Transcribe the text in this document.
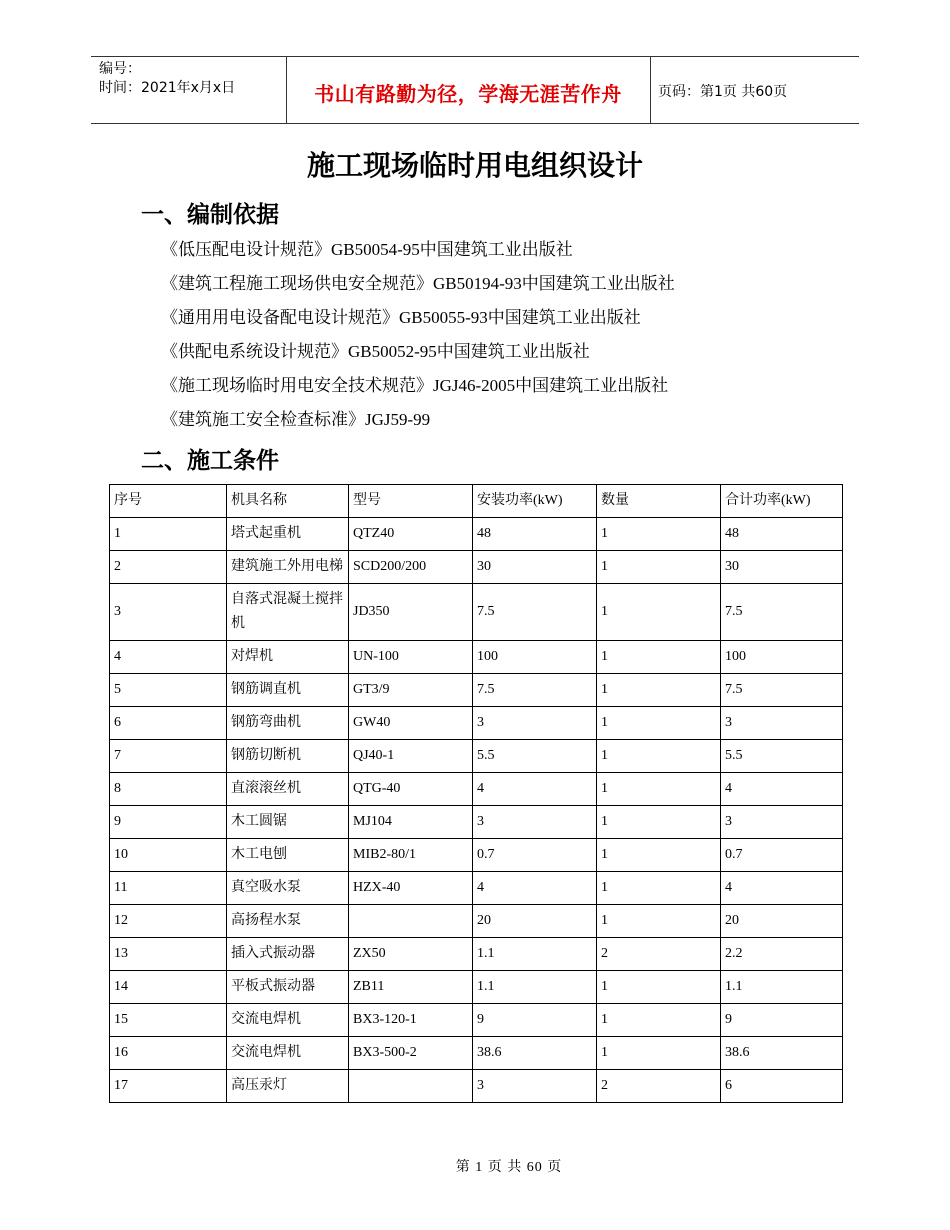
编号：
时间：2021年x月x日	书山有路勤为径，学海无涯苦作舟	页码：第1页 共60页
施工现场临时用电组织设计
一、编制依据
《低压配电设计规范》GB50054-95中国建筑工业出版社
《建筑工程施工现场供电安全规范》GB50194-93中国建筑工业出版社
《通用用电设备配电设计规范》GB50055-93中国建筑工业出版社
《供配电系统设计规范》GB50052-95中国建筑工业出版社
《施工现场临时用电安全技术规范》JGJ46-2005中国建筑工业出版社
《建筑施工安全检查标准》JGJ59-99
二、施工条件
序号	机具名称	型号	安装功率(kW)	数量	合计功率(kW)
1	塔式起重机	QTZ40	48	1	48
2	建筑施工外用电梯	SCD200/200	30	1	30
3	自落式混凝土搅拌机	JD350	7.5	1	7.5
4	对焊机	UN-100	100	1	100
5	钢筋调直机	GT3/9	7.5	1	7.5
6	钢筋弯曲机	GW40	3	1	3
7	钢筋切断机	QJ40-1	5.5	1	5.5
8	直滚滚丝机	QTG-40	4	1	4
9	木工圆锯	MJ104	3	1	3
10	木工电刨	MIB2-80/1	0.7	1	0.7
11	真空吸水泵	HZX-40	4	1	4
12	高扬程水泵		20	1	20
13	插入式振动器	ZX50	1.1	2	2.2
14	平板式振动器	ZB11	1.1	1	1.1
15	交流电焊机	BX3-120-1	9	1	9
16	交流电焊机	BX3-500-2	38.6	1	38.6
17	高压汞灯		3	2	6
第 1 页 共 60 页
